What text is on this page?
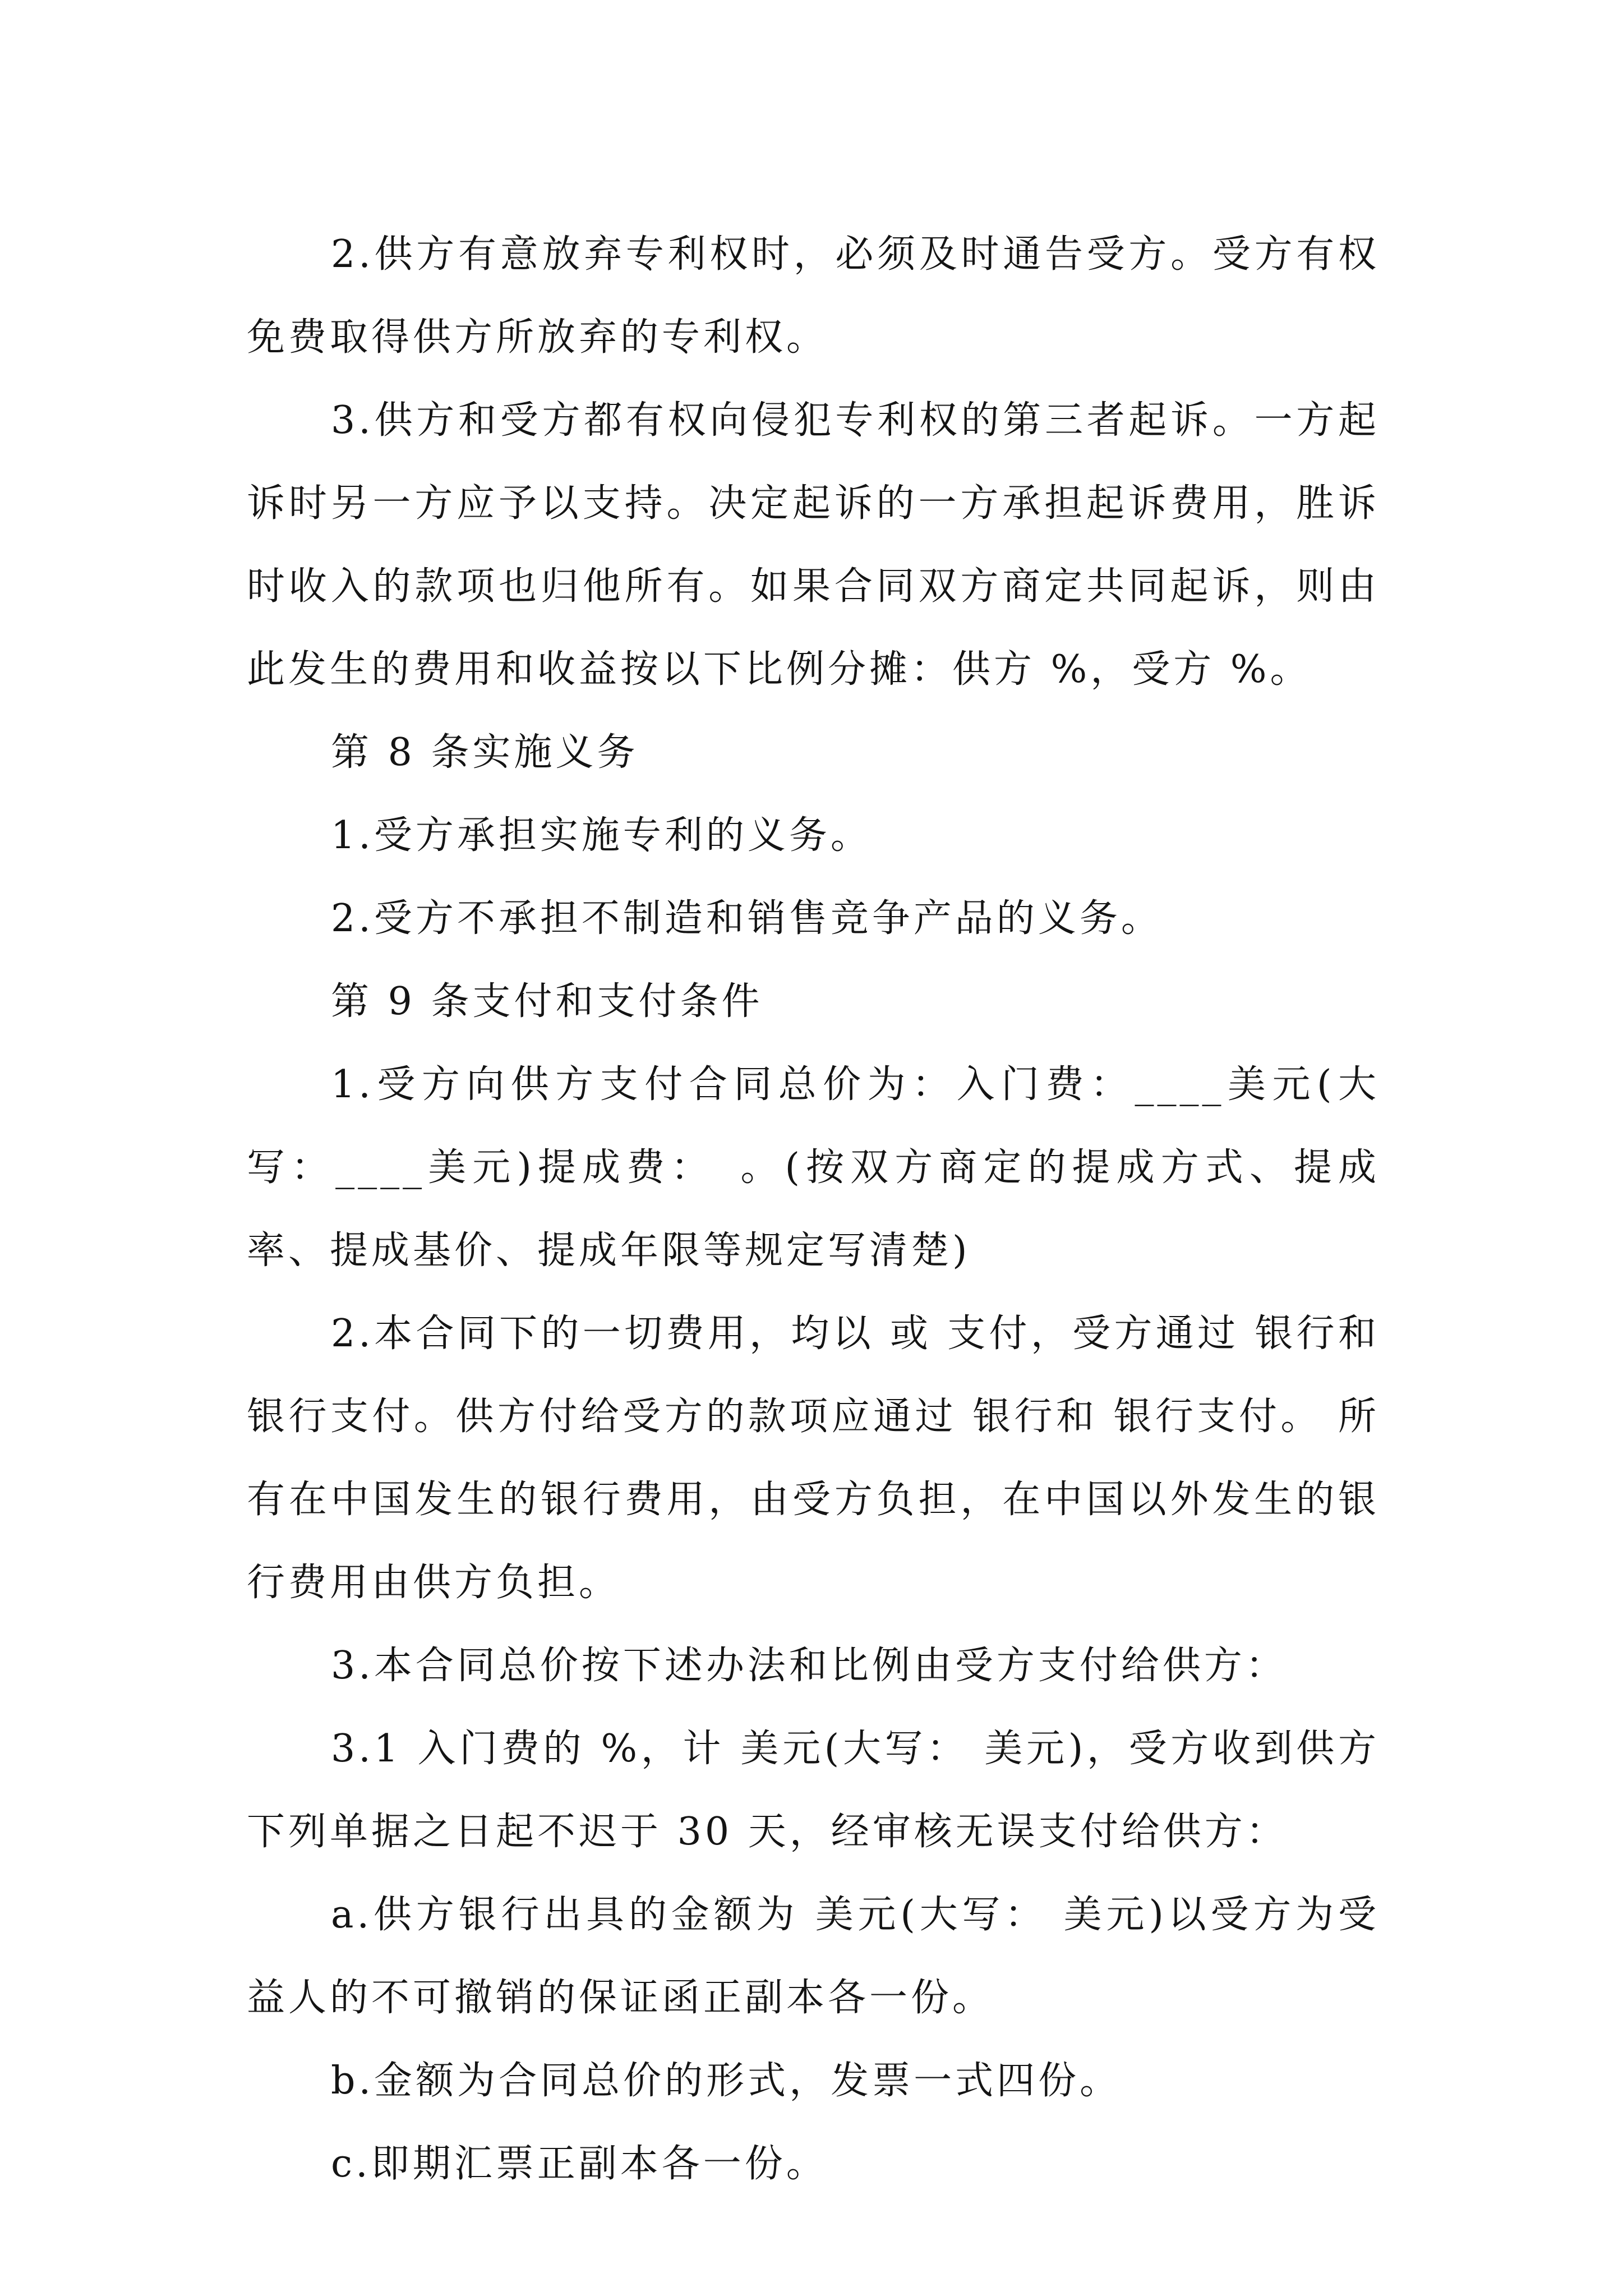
2.供方有意放弃专利权时，必须及时通告受方。受方有权免费取得供方所放弃的专利权。

3.供方和受方都有权向侵犯专利权的第三者起诉。一方起诉时另一方应予以支持。决定起诉的一方承担起诉费用，胜诉时收入的款项也归他所有。如果合同双方商定共同起诉，则由此发生的费用和收益按以下比例分摊：供方 %，受方 %。

第 8 条实施义务

1.受方承担实施专利的义务。

2.受方不承担不制造和销售竞争产品的义务。

第 9 条支付和支付条件

1.受方向供方支付合同总价为：入门费：____美元(大写：____美元)提成费：　。(按双方商定的提成方式、提成率、提成基价、提成年限等规定写清楚)

2.本合同下的一切费用，均以 或 支付，受方通过 银行和 银行支付。供方付给受方的款项应通过 银行和 银行支付。 所有在中国发生的银行费用，由受方负担，在中国以外发生的银行费用由供方负担。

3.本合同总价按下述办法和比例由受方支付给供方：

3.1 入门费的 %，计 美元(大写： 美元)，受方收到供方下列单据之日起不迟于 30 天，经审核无误支付给供方：

a.供方银行出具的金额为 美元(大写： 美元)以受方为受益人的不可撤销的保证函正副本各一份。

b.金额为合同总价的形式，发票一式四份。

c.即期汇票正副本各一份。
